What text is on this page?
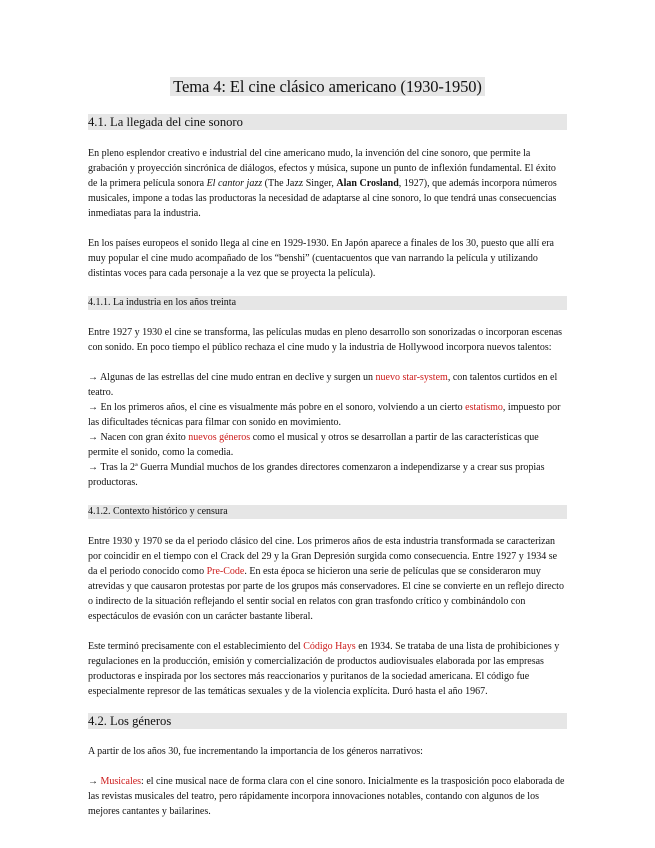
Tema 4: El cine clásico americano (1930-1950)
4.1. La llegada del cine sonoro

En pleno esplendor creativo e industrial del cine americano mudo, la invención del cine sonoro, que permite la grabación y proyección sincrónica de diálogos, efectos y música, supone un punto de inflexión fundamental. El éxito de la primera película sonora El cantor jazz (The Jazz Singer, Alan Crosland, 1927), que además incorpora números musicales, impone a todas las productoras la necesidad de adaptarse al cine sonoro, lo que tendrá unas consecuencias inmediatas para la industria.

En los países europeos el sonido llega al cine en 1929-1930. En Japón aparece a finales de los 30, puesto que allí era muy popular el cine mudo acompañado de los “benshi” (cuentacuentos que van narrando la película y utilizando distintas voces para cada personaje a la vez que se proyecta la película).

4.1.1. La industria en los años treinta

Entre 1927 y 1930 el cine se transforma, las películas mudas en pleno desarrollo son sonorizadas o incorporan escenas con sonido. En poco tiempo el público rechaza el cine mudo y la industria de Hollywood incorpora nuevos talentos:

→ Algunas de las estrellas del cine mudo entran en declive y surgen un nuevo star-system, con talentos curtidos en el teatro.
→ En los primeros años, el cine es visualmente más pobre en el sonoro, volviendo a un cierto estatismo, impuesto por las dificultades técnicas para filmar con sonido en movimiento.
→ Nacen con gran éxito nuevos géneros como el musical y otros se desarrollan a partir de las características que permite el sonido, como la comedia.
→ Tras la 2ª Guerra Mundial muchos de los grandes directores comenzaron a independizarse y a crear sus propias productoras.

4.1.2. Contexto histórico y censura

Entre 1930 y 1970 se da el periodo clásico del cine. Los primeros años de esta industria transformada se caracterizan por coincidir en el tiempo con el Crack del 29 y la Gran Depresión surgida como consecuencia. Entre 1927 y 1934 se da el periodo conocido como Pre-Code. En esta época se hicieron una serie de películas que se consideraron muy atrevidas y que causaron protestas por parte de los grupos más conservadores. El cine se convierte en un reflejo directo o indirecto de la situación reflejando el sentir social en relatos con gran trasfondo crítico y combinándolo con espectáculos de evasión con un carácter bastante liberal.

Este terminó precisamente con el establecimiento del Código Hays en 1934. Se trataba de una lista de prohibiciones y regulaciones en la producción, emisión y comercialización de productos audiovisuales elaborada por las empresas productoras e inspirada por los sectores más reaccionarios y puritanos de la sociedad americana. El código fue especialmente represor de las temáticas sexuales y de la violencia explícita. Duró hasta el año 1967.

4.2. Los géneros

A partir de los años 30, fue incrementando la importancia de los géneros narrativos:

→ Musicales: el cine musical nace de forma clara con el cine sonoro. Inicialmente es la trasposición poco elaborada de las revistas musicales del teatro, pero rápidamente incorpora innovaciones notables, contando con algunos de los mejores cantantes y bailarines.
